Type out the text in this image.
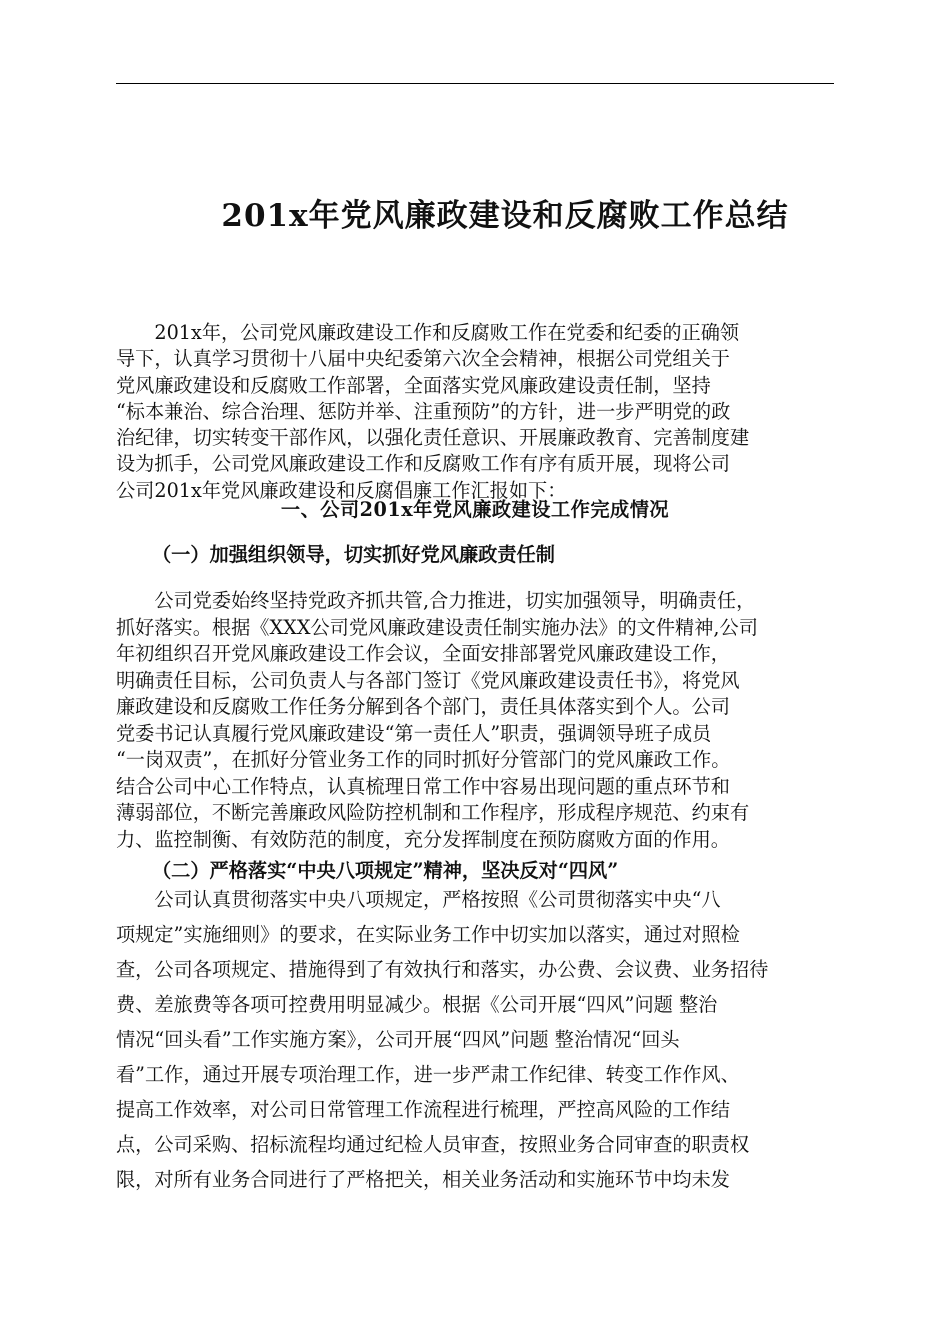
201x年党风廉政建设和反腐败工作总结
　　201x年，公司党风廉政建设工作和反腐败工作在党委和纪委的正确领
导下，认真学习贯彻十八届中央纪委第六次全会精神，根据公司党组关于
党风廉政建设和反腐败工作部署，全面落实党风廉政建设责任制，坚持
“标本兼治、综合治理、惩防并举、注重预防”的方针，进一步严明党的政
治纪律，切实转变干部作风，以强化责任意识、开展廉政教育、完善制度建
设为抓手，公司党风廉政建设工作和反腐败工作有序有质开展，现将公司
公司201x年党风廉政建设和反腐倡廉工作汇报如下：
一、公司201x年党风廉政建设工作完成情况
（一）加强组织领导，切实抓好党风廉政责任制
　　公司党委始终坚持党政齐抓共管,合力推进，切实加强领导，明确责任，
抓好落实。根据《XXX公司党风廉政建设责任制实施办法》的文件精神,公司
年初组织召开党风廉政建设工作会议，全面安排部署党风廉政建设工作，
明确责任目标，公司负责人与各部门签订《党风廉政建设责任书》，将党风
廉政建设和反腐败工作任务分解到各个部门，责任具体落实到个人。公司
党委书记认真履行党风廉政建设“第一责任人”职责，强调领导班子成员
“一岗双责”，在抓好分管业务工作的同时抓好分管部门的党风廉政工作。
结合公司中心工作特点，认真梳理日常工作中容易出现问题的重点环节和
薄弱部位，不断完善廉政风险防控机制和工作程序，形成程序规范、约束有
力、监控制衡、有效防范的制度，充分发挥制度在预防腐败方面的作用。
（二）严格落实“中央八项规定”精神，坚决反对“四风”
　　公司认真贯彻落实中央八项规定，严格按照《公司贯彻落实中央“八
项规定”实施细则》的要求，在实际业务工作中切实加以落实，通过对照检
查，公司各项规定、措施得到了有效执行和落实，办公费、会议费、业务招待
费、差旅费等各项可控费用明显减少。根据《公司开展“四风”问题 整治
情况“回头看”工作实施方案》，公司开展“四风”问题 整治情况“回头
看”工作，通过开展专项治理工作，进一步严肃工作纪律、转变工作作风、
提高工作效率，对公司日常管理工作流程进行梳理，严控高风险的工作结
点，公司采购、招标流程均通过纪检人员审查，按照业务合同审查的职责权
限，对所有业务合同进行了严格把关，相关业务活动和实施环节中均未发
